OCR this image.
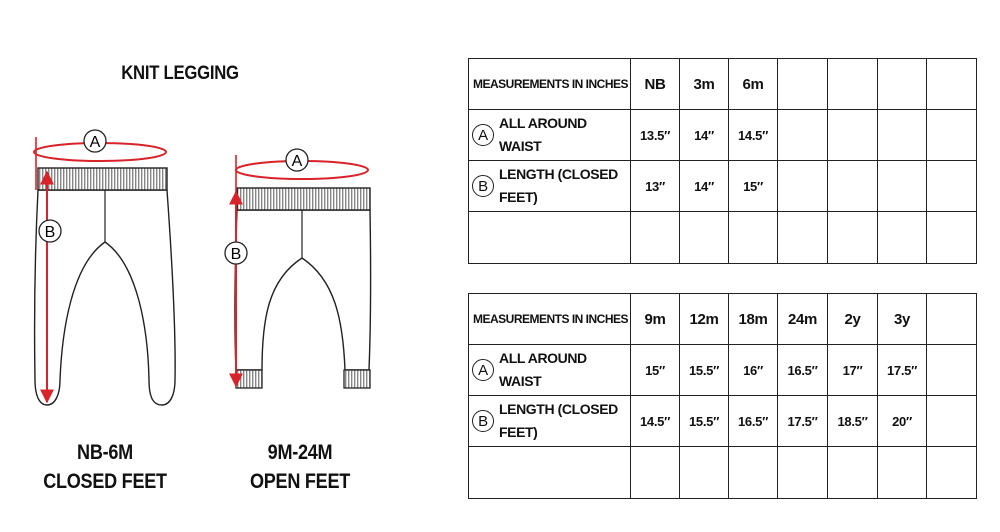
KNIT LEGGING
A
B
A
B
NB-6M
CLOSED FEET
9M-24M
OPEN FEET
MEASUREMENTS IN INCHES	NB	3m	6m				

A
ALL AROUND WAIST	13.5″	14″	14.5″				

B
LENGTH (CLOSED FEET)	13″	14″	15″				

MEASUREMENTS IN INCHES	9m	12m	18m	24m	2y	3y	

A
ALL AROUND WAIST	15″	15.5″	16″	16.5″	17″	17.5″	

B
LENGTH (CLOSED FEET)	14.5″	15.5″	16.5″	17.5″	18.5″	20″	
